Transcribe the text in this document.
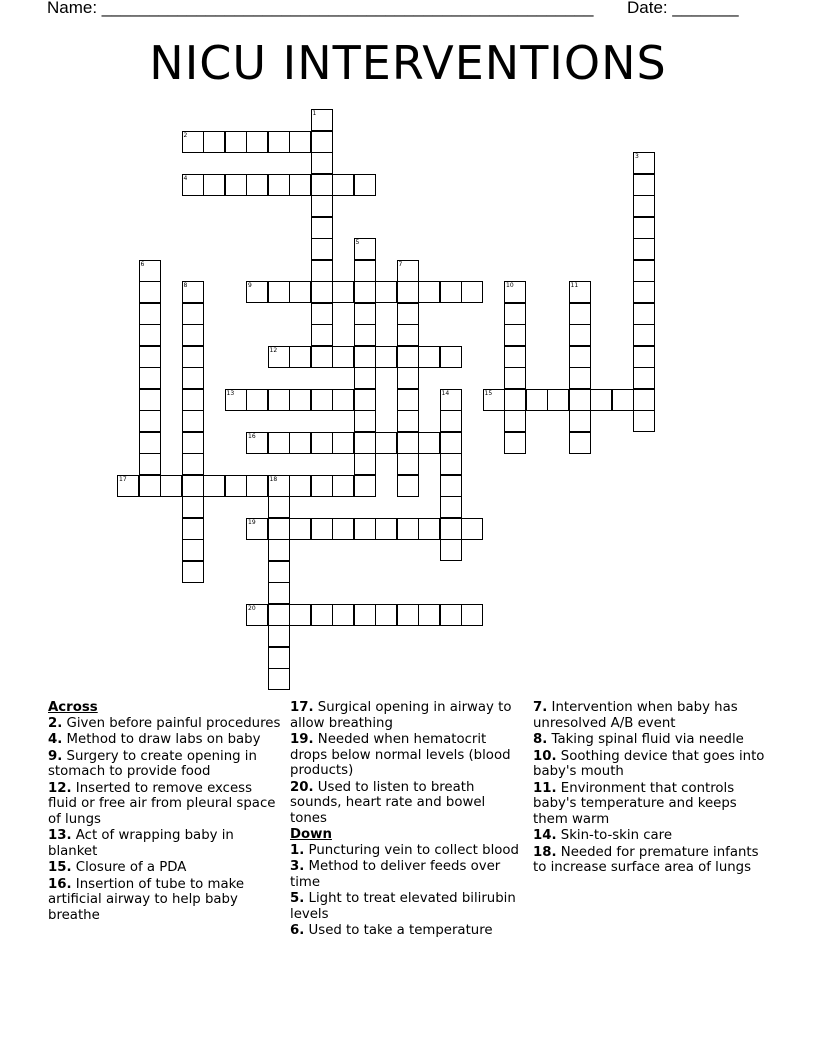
Name: ____________________________________________________ Date: _______
NICU INTERVENTIONS
1
2
3
4
5
6	7
8	9	10	11
12
13	14	15
16
17	18
19
20
Across
2. Given before painful procedures
4. Method to draw labs on baby
9. Surgery to create opening in stomach to provide food
12. Inserted to remove excess fluid or free air from pleural space of lungs
13. Act of wrapping baby in blanket
15. Closure of a PDA
16. Insertion of tube to make artificial airway to help baby breathe
17. Surgical opening in airway to allow breathing
19. Needed when hematocrit drops below normal levels (blood products)
20. Used to listen to breath sounds, heart rate and bowel tones
Down
1. Puncturing vein to collect blood
3. Method to deliver feeds over time
5. Light to treat elevated bilirubin levels
6. Used to take a temperature
7. Intervention when baby has unresolved A/B event
8. Taking spinal fluid via needle
10. Soothing device that goes into baby's mouth
11. Environment that controls baby's temperature and keeps them warm
14. Skin-to-skin care
18. Needed for premature infants to increase surface area of lungs
